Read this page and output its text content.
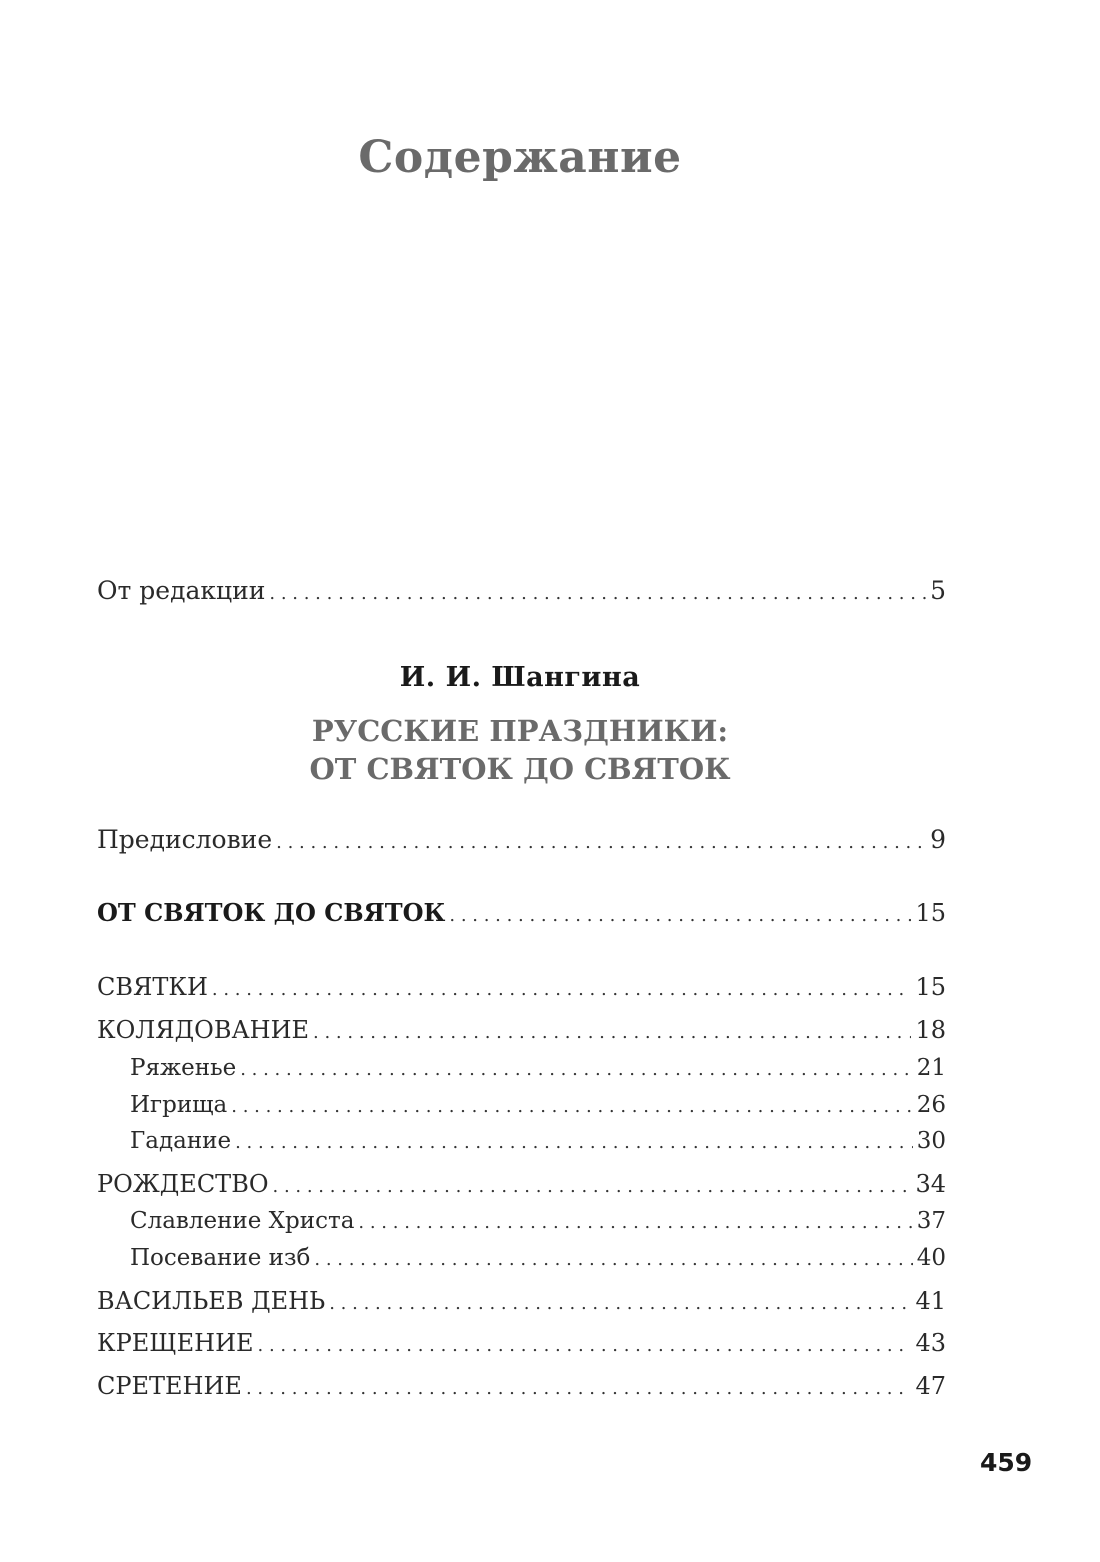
Содержание
От редакции . . .	5
И. И. Шангина
РУССКИЕ ПРАЗДНИКИ:
ОТ СВЯТОК ДО СВЯТОК
Предисловие . . .	9
ОТ СВЯТОК ДО СВЯТОК . . .	15
СВЯТКИ . . .	15
КОЛЯДОВАНИЕ . . .	18
Ряженье . . .	21
Игрища . . .	26
Гадание . . .	30
РОЖДЕСТВО . . .	34
Славление Христа . . .	37
Посевание изб . . .	40
ВАСИЛЬЕВ ДЕНЬ . . .	41
КРЕЩЕНИЕ . . .	43
СРЕТЕНИЕ . . .	47
459
